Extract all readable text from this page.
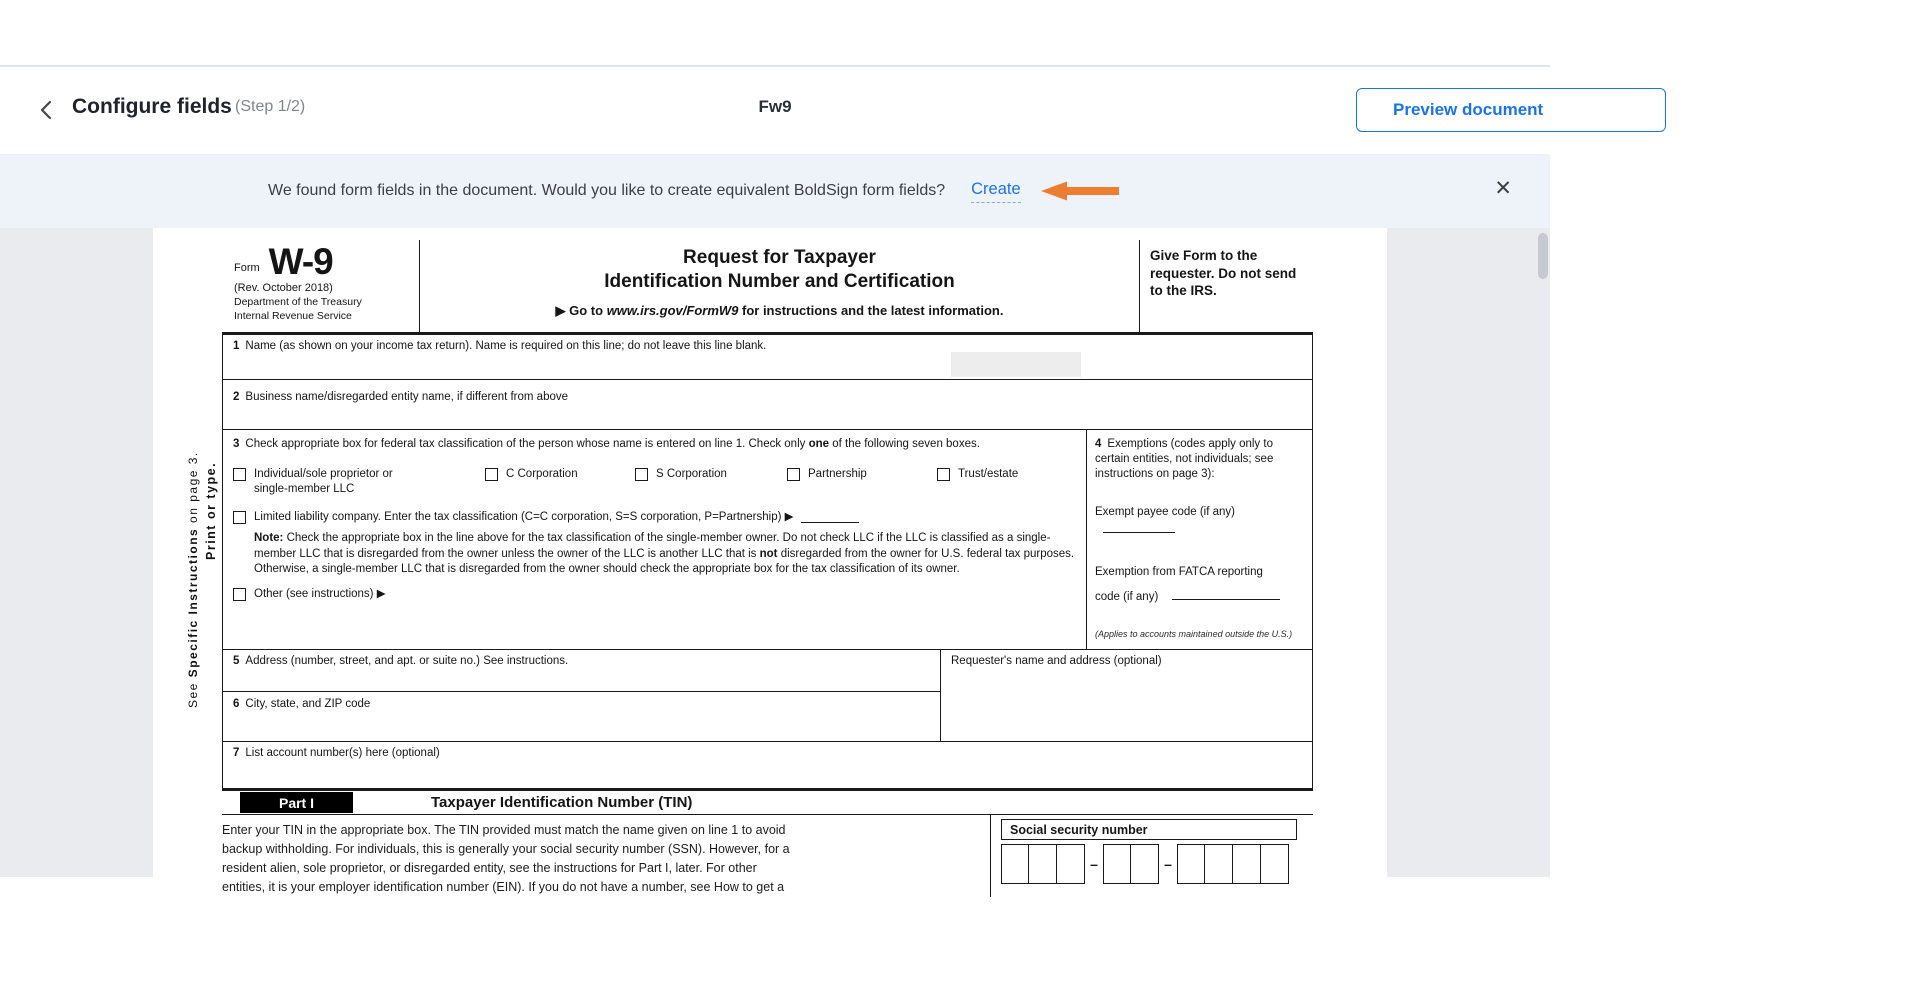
Configure fields (Step 1/2)	Fw9	Preview document
We found form fields in the document. Would you like to create equivalent BoldSign form fields? Create	✕
Print or type.
See Specific Instructions on page 3.
Form W-9
(Rev. October 2018)
Department of the Treasury
Internal Revenue Service
Request for Taxpayer
Identification Number and Certification
▶ Go to www.irs.gov/FormW9 for instructions and the latest information.
Give Form to the requester. Do not send to the IRS.
1 Name (as shown on your income tax return). Name is required on this line; do not leave this line blank.
2 Business name/disregarded entity name, if different from above
3 Check appropriate box for federal tax classification of the person whose name is entered on line 1. Check only one of the following seven boxes.
Individual/sole proprietor or single-member LLC
C Corporation	S Corporation	Partnership	Trust/estate
Limited liability company. Enter the tax classification (C=C corporation, S=S corporation, P=Partnership) ▶
Note: Check the appropriate box in the line above for the tax classification of the single-member owner. Do not check LLC if the LLC is classified as a single-member LLC that is disregarded from the owner unless the owner of the LLC is another LLC that is not disregarded from the owner for U.S. federal tax purposes. Otherwise, a single-member LLC that is disregarded from the owner should check the appropriate box for the tax classification of its owner.
Other (see instructions) ▶
4 Exemptions (codes apply only to certain entities, not individuals; see instructions on page 3):
Exempt payee code (if any)
Exemption from FATCA reporting
code (if any)
(Applies to accounts maintained outside the U.S.)
5 Address (number, street, and apt. or suite no.) See instructions.
6 City, state, and ZIP code
Requester's name and address (optional)
7 List account number(s) here (optional)
Part I	Taxpayer Identification Number (TIN)
Enter your TIN in the appropriate box. The TIN provided must match the name given on line 1 to avoid
backup withholding. For individuals, this is generally your social security number (SSN). However, for a
resident alien, sole proprietor, or disregarded entity, see the instructions for Part I, later. For other
entities, it is your employer identification number (EIN). If you do not have a number, see How to get a
Social security number
–	–
